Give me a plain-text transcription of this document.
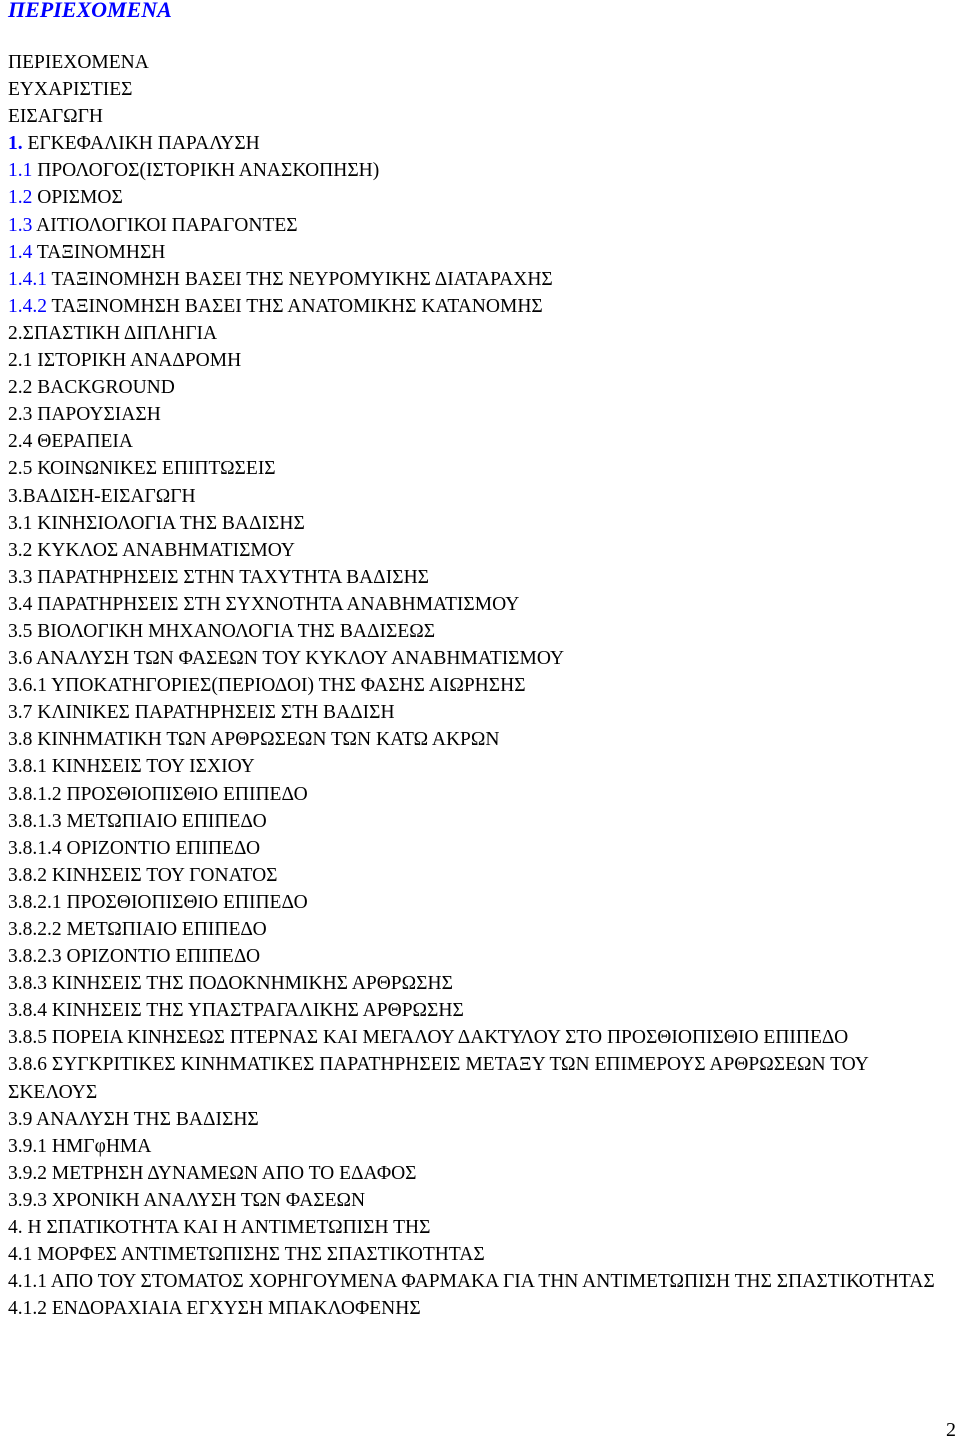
ΠΕΡΙΕΧΟΜΕΝΑ
ΠΕΡΙΕΧΟΜΕΝΑ
ΕΥΧΑΡΙΣΤΙΕΣ
ΕΙΣΑΓΩΓΗ
1. ΕΓΚΕΦΑΛΙΚΗ ΠΑΡΑΛΥΣΗ
1.1 ΠΡΟΛΟΓΟΣ(ΙΣΤΟΡΙΚΗ ΑΝΑΣΚΟΠΗΣΗ)
1.2 ΟΡΙΣΜΟΣ
1.3 ΑΙΤΙΟΛΟΓΙΚΟΙ ΠΑΡΑΓΟΝΤΕΣ
1.4 ΤΑΞΙΝΟΜΗΣΗ
1.4.1 ΤΑΞΙΝΟΜΗΣΗ ΒΑΣΕΙ ΤΗΣ ΝΕΥΡΟΜΥΙΚΗΣ ΔΙΑΤΑΡΑΧΗΣ
1.4.2 ΤΑΞΙΝΟΜΗΣΗ ΒΑΣΕΙ ΤΗΣ ΑΝΑΤΟΜΙΚΗΣ ΚΑΤΑΝΟΜΗΣ
2.ΣΠΑΣΤΙΚΗ ΔΙΠΛΗΓΙΑ
2.1 ΙΣΤΟΡΙΚΗ ΑΝΑΔΡΟΜΗ
2.2 BACKGROUND
2.3 ΠΑΡΟΥΣΙΑΣΗ
2.4 ΘΕΡΑΠΕΙΑ
2.5 ΚΟΙΝΩΝΙΚΕΣ ΕΠΙΠΤΩΣΕΙΣ
3.ΒΑΔΙΣΗ-ΕΙΣΑΓΩΓΗ
3.1 ΚΙΝΗΣΙΟΛΟΓΙΑ ΤΗΣ ΒΑΔΙΣΗΣ
3.2 ΚΥΚΛΟΣ ΑΝΑΒΗΜΑΤΙΣΜΟΥ
3.3 ΠΑΡΑΤΗΡΗΣΕΙΣ ΣΤΗΝ ΤΑΧΥΤΗΤΑ ΒΑΔΙΣΗΣ
3.4 ΠΑΡΑΤΗΡΗΣΕΙΣ ΣΤΗ ΣΥΧΝΟΤΗΤΑ ΑΝΑΒΗΜΑΤΙΣΜΟΥ
3.5 ΒΙΟΛΟΓΙΚΗ ΜΗΧΑΝΟΛΟΓΙΑ ΤΗΣ ΒΑΔΙΣΕΩΣ
3.6 ΑΝΑΛΥΣΗ ΤΩΝ ΦΑΣΕΩΝ ΤΟΥ ΚΥΚΛΟΥ ΑΝΑΒΗΜΑΤΙΣΜΟΥ
3.6.1 ΥΠΟΚΑΤΗΓΟΡΙΕΣ(ΠΕΡΙΟΔΟΙ) ΤΗΣ ΦΑΣΗΣ ΑΙΩΡΗΣΗΣ
3.7 ΚΛΙΝΙΚΕΣ ΠΑΡΑΤΗΡΗΣΕΙΣ ΣΤΗ ΒΑΔΙΣΗ
3.8 ΚΙΝΗΜΑΤΙΚΗ ΤΩΝ ΑΡΘΡΩΣΕΩΝ ΤΩΝ ΚΑΤΩ ΑΚΡΩΝ
3.8.1 ΚΙΝΗΣΕΙΣ ΤΟΥ ΙΣΧΙΟΥ
3.8.1.2 ΠΡΟΣΘΙΟΠΙΣΘΙΟ ΕΠΙΠΕΔΟ
3.8.1.3 ΜΕΤΩΠΙΑΙΟ ΕΠΙΠΕΔΟ
3.8.1.4 ΟΡΙΖΟΝΤΙΟ ΕΠΙΠΕΔΟ
3.8.2 ΚΙΝΗΣΕΙΣ ΤΟΥ ΓΟΝΑΤΟΣ
3.8.2.1 ΠΡΟΣΘΙΟΠΙΣΘΙΟ ΕΠΙΠΕΔΟ
3.8.2.2 ΜΕΤΩΠΙΑΙΟ ΕΠΙΠΕΔΟ
3.8.2.3 ΟΡΙΖΟΝΤΙΟ ΕΠΙΠΕΔΟ
3.8.3 ΚΙΝΗΣΕΙΣ ΤΗΣ ΠΟΔΟΚΝΗΜΙΚΗΣ ΑΡΘΡΩΣΗΣ
3.8.4 ΚΙΝΗΣΕΙΣ ΤΗΣ ΥΠΑΣΤΡΑΓΑΛΙΚΗΣ ΑΡΘΡΩΣΗΣ
3.8.5 ΠΟΡΕΙΑ ΚΙΝΗΣΕΩΣ ΠΤΕΡΝΑΣ ΚΑΙ ΜΕΓΑΛΟΥ ΔΑΚΤΥΛΟΥ ΣΤΟ ΠΡΟΣΘΙΟΠΙΣΘΙΟ ΕΠΙΠΕΔΟ
3.8.6 ΣΥΓΚΡΙΤΙΚΕΣ ΚΙΝΗΜΑΤΙΚΕΣ ΠΑΡΑΤΗΡΗΣΕΙΣ ΜΕΤΑΞΥ ΤΩΝ ΕΠΙΜΕΡΟΥΣ ΑΡΘΡΩΣΕΩΝ ΤΟΥ ΣΚΕΛΟΥΣ
3.9 ΑΝΑΛΥΣΗ ΤΗΣ ΒΑΔΙΣΗΣ
3.9.1 ΗΜΓφΗΜΑ
3.9.2 ΜΕΤΡΗΣΗ ΔΥΝΑΜΕΩΝ ΑΠΟ ΤΟ ΕΔΑΦΟΣ
3.9.3 ΧΡΟΝΙΚΗ ΑΝΑΛΥΣΗ ΤΩΝ ΦΑΣΕΩΝ
4. Η ΣΠΑΤΙΚΟΤΗΤΑ ΚΑΙ Η ΑΝΤΙΜΕΤΩΠΙΣΗ ΤΗΣ
4.1 ΜΟΡΦΕΣ ΑΝΤΙΜΕΤΩΠΙΣΗΣ ΤΗΣ ΣΠΑΣΤΙΚΟΤΗΤΑΣ
4.1.1 ΑΠΟ ΤΟΥ ΣΤΟΜΑΤΟΣ ΧΟΡΗΓΟΥΜΕΝΑ ΦΑΡΜΑΚΑ ΓΙΑ ΤΗΝ ΑΝΤΙΜΕΤΩΠΙΣΗ ΤΗΣ ΣΠΑΣΤΙΚΟΤΗΤΑΣ
4.1.2 ΕΝΔΟΡΑΧΙΑΙΑ ΕΓΧΥΣΗ ΜΠΑΚΛΟΦΕΝΗΣ
2
